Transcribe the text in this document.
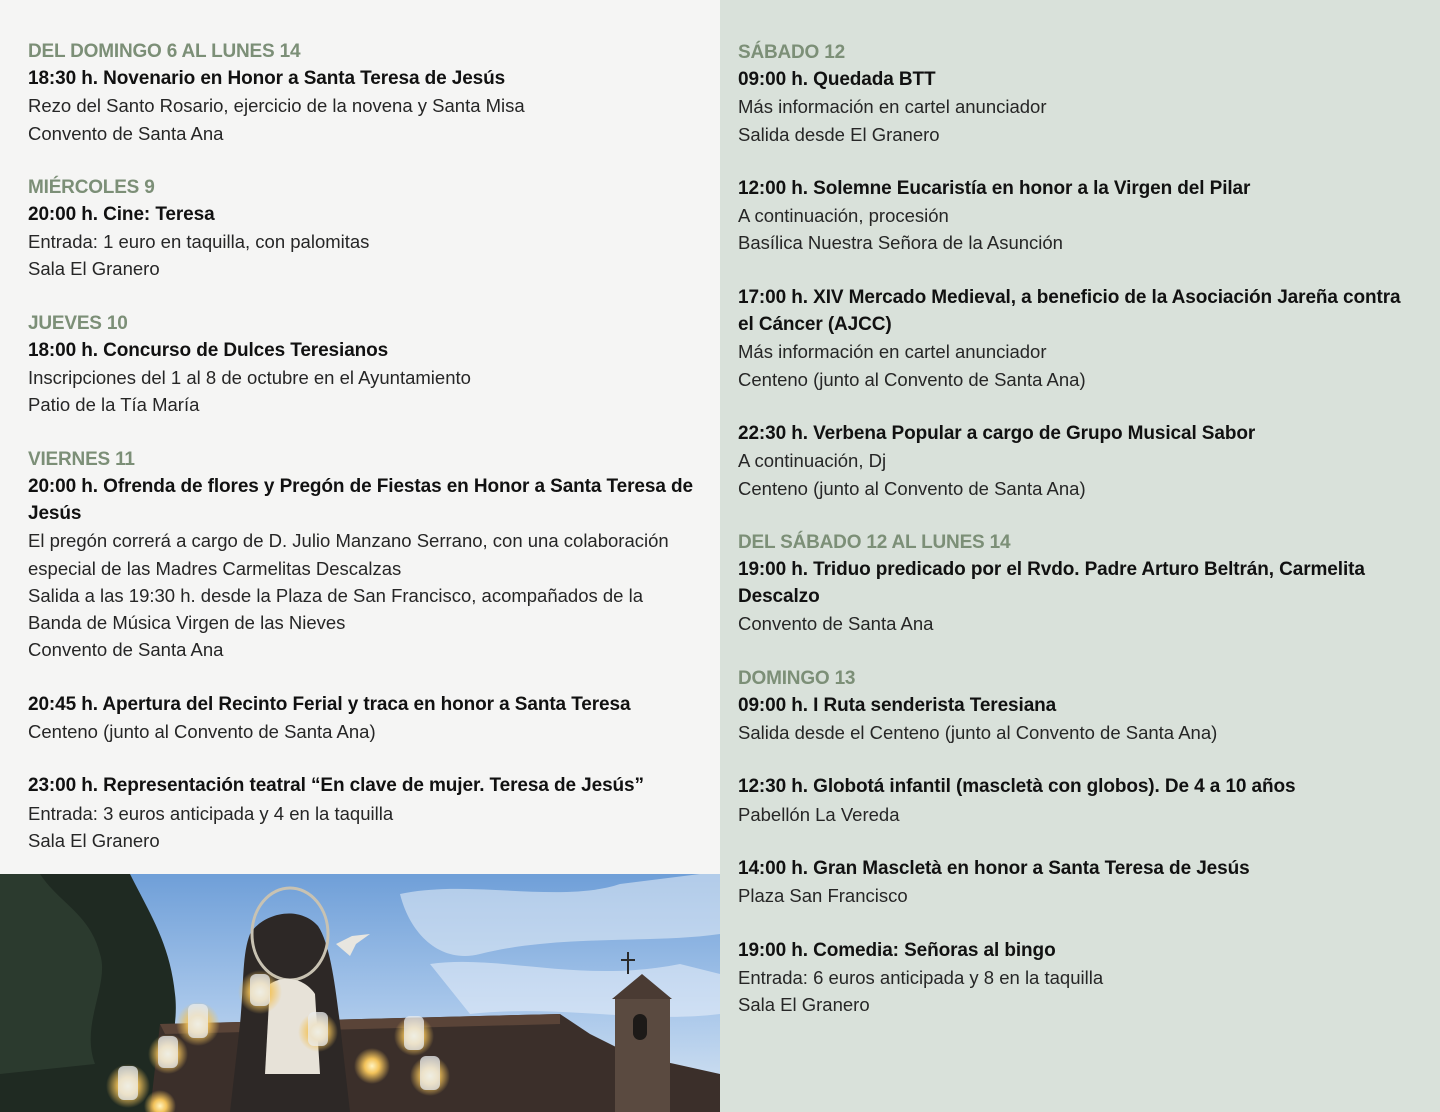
DEL DOMINGO 6 AL LUNES 14
18:30 h. Novenario en Honor a Santa Teresa de Jesús
Rezo del Santo Rosario, ejercicio de la novena y Santa Misa
Convento de Santa Ana
MIÉRCOLES 9
20:00 h. Cine: Teresa
Entrada: 1 euro en taquilla, con palomitas
Sala El Granero
JUEVES 10
18:00 h. Concurso de Dulces Teresianos
Inscripciones del 1 al 8 de octubre en el Ayuntamiento
Patio de la Tía María
VIERNES 11
20:00 h. Ofrenda de flores y Pregón de Fiestas en Honor a Santa Teresa de Jesús
El pregón correrá a cargo de D. Julio Manzano Serrano, con una colaboración especial de las Madres Carmelitas Descalzas
Salida a las 19:30 h. desde la Plaza de San Francisco, acompañados de la Banda de Música Virgen de las Nieves
Convento de Santa Ana
20:45 h. Apertura del Recinto Ferial y traca en honor a Santa Teresa
Centeno (junto al Convento de Santa Ana)
23:00 h. Representación teatral “En clave de mujer. Teresa de Jesús”
Entrada: 3 euros anticipada y 4 en la taquilla
Sala El Granero
SÁBADO 12
09:00 h. Quedada BTT
Más información en cartel anunciador
Salida desde El Granero
12:00 h. Solemne Eucaristía en honor a la Virgen del Pilar
A continuación, procesión
Basílica Nuestra Señora de la Asunción
17:00 h. XIV Mercado Medieval, a beneficio de la Asociación Jareña contra el Cáncer (AJCC)
Más información en cartel anunciador
Centeno (junto al Convento de Santa Ana)
22:30 h. Verbena Popular a cargo de Grupo Musical Sabor
A continuación, Dj
Centeno (junto al Convento de Santa Ana)
DEL SÁBADO 12 AL LUNES 14
19:00 h. Triduo predicado por el Rvdo. Padre Arturo Beltrán, Carmelita Descalzo
Convento de Santa Ana
DOMINGO 13
09:00 h. I Ruta senderista Teresiana
Salida desde el Centeno (junto al Convento de Santa Ana)
12:30 h. Globotá infantil (mascletà con globos). De 4 a 10 años
Pabellón La Vereda
14:00 h. Gran Mascletà en honor a Santa Teresa de Jesús
Plaza San Francisco
19:00 h. Comedia: Señoras al bingo
Entrada: 6 euros anticipada y 8 en la taquilla
Sala El Granero
